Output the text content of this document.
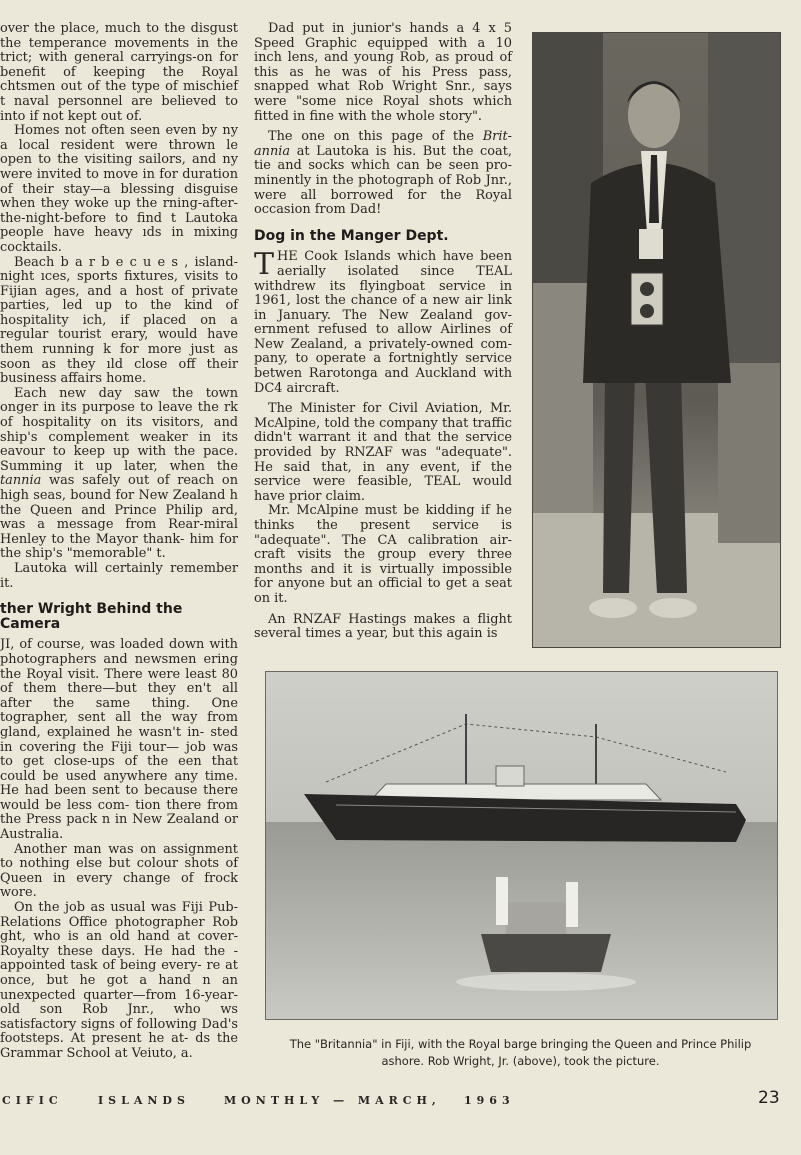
over the place, much to the disgust the temperance movements in the trict; with general carryings-on for benefit of keeping the Royal chtsmen out of the type of mischief t naval personnel are believed to into if not kept out of.

Homes not often seen even by ny a local resident were thrown le open to the visiting sailors, and ny were invited to move in for duration of their stay—a blessing disguise when they woke up the rning-after-the-night-before to find t Lautoka people have heavy ıds in mixing cocktails.

Beach b a r b e c u e s , island-night ıces, sports fixtures, visits to Fijian ages, and a host of private parties, led up to the kind of hospitality ich, if placed on a regular tourist erary, would have them running k for more just as soon as they ıld close off their business affairs home.

Each new day saw the town onger in its purpose to leave the rk of hospitality on its visitors, and ship's complement weaker in its eavour to keep up with the pace. Summing it up later, when the tannia was safely out of reach on high seas, bound for New Zealand h the Queen and Prince Philip ard, was a message from Rear-miral Henley to the Mayor thank- him for the ship's "memorable" t.

Lautoka will certainly remember it.

ther Wright Behind the Camera

JI, of course, was loaded down with photographers and newsmen ering the Royal visit. There were least 80 of them there—but they en't all after the same thing. One tographer, sent all the way from gland, explained he wasn't in- sted in covering the Fiji tour— job was to get close-ups of the een that could be used anywhere any time. He had been sent to because there would be less com- tion there from the Press pack n in New Zealand or Australia.

Another man was on assignment to nothing else but colour shots of Queen in every change of frock wore.

On the job as usual was Fiji Pub- Relations Office photographer Rob ght, who is an old hand at cover- Royalty these days. He had the -appointed task of being every- re at once, but he got a hand n an unexpected quarter—from 16-year-old son Rob Jnr., who ws satisfactory signs of following Dad's footsteps. At present he at- ds the Grammar School at Veiuto, a.

Dad put in junior's hands a 4 x 5 Speed Graphic equipped with a 10 inch lens, and young Rob, as proud of this as he was of his Press pass, snapped what Rob Wright Snr., says were "some nice Royal shots which fitted in fine with the whole story".

The one on this page of the Brit- annia at Lautoka is his. But the coat, tie and socks which can be seen pro- minently in the photograph of Rob Jnr., were all borrowed for the Royal occasion from Dad!

Dog in the Manger Dept.

THE Cook Islands which have been aerially isolated since TEAL withdrew its flyingboat service in 1961, lost the chance of a new air link in January. The New Zealand gov- ernment refused to allow Airlines of New Zealand, a privately-owned com- pany, to operate a fortnightly service betwen Rarotonga and Auckland with DC4 aircraft.

The Minister for Civil Aviation, Mr. McAlpine, told the company that traffic didn't warrant it and that the service provided by RNZAF was "adequate". He said that, in any event, if the service were feasible, TEAL would have prior claim.

Mr. McAlpine must be kidding if he thinks the present service is "adequate". The CA calibration air- craft visits the group every three months and it is virtually impossible for anyone but an official to get a seat on it.

An RNZAF Hastings makes a flight several times a year, but this again is

The "Britannia" in Fiji, with the Royal barge bringing the Queen and Prince Philip
ashore. Rob Wright, Jr. (above), took the picture.
CIFIC	ISLANDS	MONTHLY — MARCH, 1963	23
